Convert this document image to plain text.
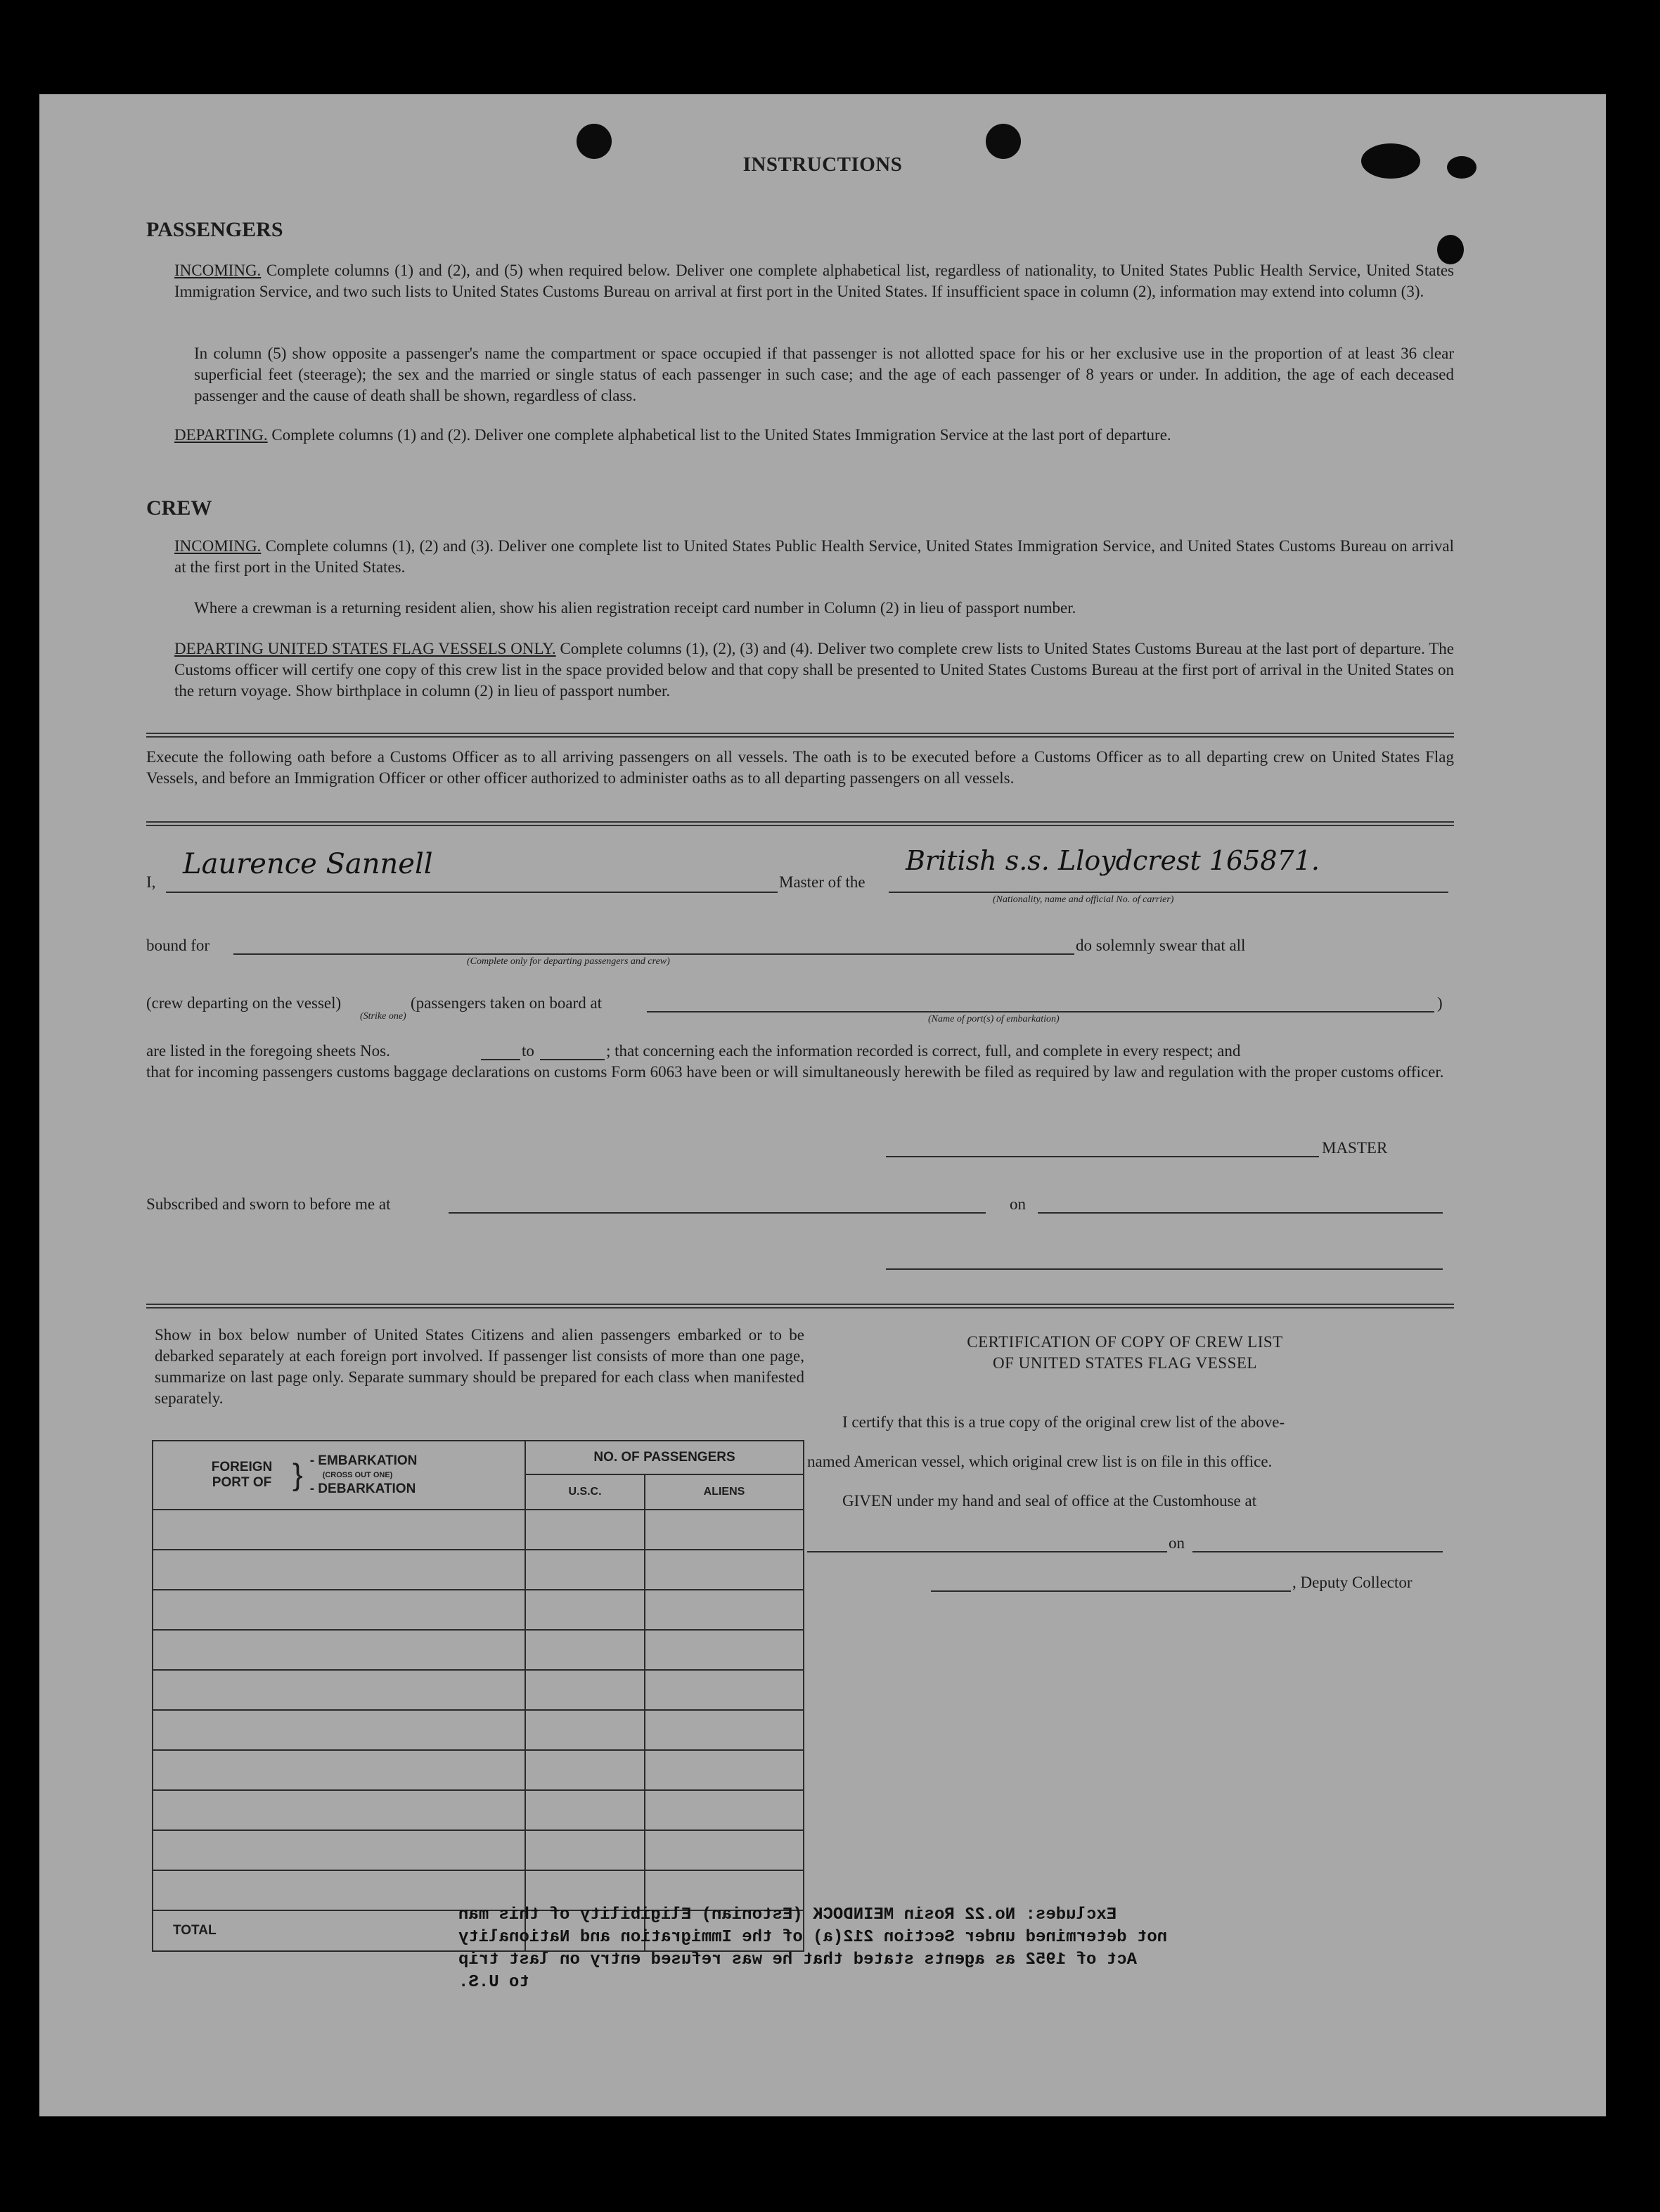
INSTRUCTIONS
PASSENGERS
INCOMING. Complete columns (1) and (2), and (5) when required below. Deliver one complete alphabetical list, regardless of nationality, to United States Public Health Service, United States Immigration Service, and two such lists to United States Customs Bureau on arrival at first port in the United States. If insufficient space in column (2), information may extend into column (3).
In column (5) show opposite a passenger's name the compartment or space occupied if that passenger is not allotted space for his or her exclusive use in the proportion of at least 36 clear superficial feet (steerage); the sex and the married or single status of each passenger in such case; and the age of each passenger of 8 years or under. In addition, the age of each deceased passenger and the cause of death shall be shown, regardless of class.
DEPARTING. Complete columns (1) and (2). Deliver one complete alphabetical list to the United States Immigration Service at the last port of departure.
CREW
INCOMING. Complete columns (1), (2) and (3). Deliver one complete list to United States Public Health Service, United States Immigration Service, and United States Customs Bureau on arrival at the first port in the United States.
Where a crewman is a returning resident alien, show his alien registration receipt card number in Column (2) in lieu of passport number.
DEPARTING UNITED STATES FLAG VESSELS ONLY. Complete columns (1), (2), (3) and (4). Deliver two complete crew lists to United States Customs Bureau at the last port of departure. The Customs officer will certify one copy of this crew list in the space provided below and that copy shall be presented to United States Customs Bureau at the first port of arrival in the United States on the return voyage. Show birthplace in column (2) in lieu of passport number.
Execute the following oath before a Customs Officer as to all arriving passengers on all vessels. The oath is to be executed before a Customs Officer as to all departing crew on United States Flag Vessels, and before an Immigration Officer or other officer authorized to administer oaths as to all departing passengers on all vessels.
I,
Laurence Sannell
Master of the
British s.s. Lloydcrest 165871.
(Nationality, name and official No. of carrier)
bound for
(Complete only for departing passengers and crew)
do solemnly swear that all
(crew departing on the vessel)
(Strike one)
(passengers taken on board at
(Name of port(s) of embarkation)
)
are listed in the foregoing sheets Nos.	to	; that concerning each the information recorded is correct, full, and complete in every respect; and
that for incoming passengers customs baggage declarations on customs Form 6063 have been or will simultaneously herewith be filed as required by law and regulation with the proper customs officer.
MASTER
Subscribed and sworn to before me at	on
Show in box below number of United States Citizens and alien passengers embarked or to be debarked separately at each foreign port involved. If passenger list consists of more than one page, summarize on last page only. Separate summary should be prepared for each class when manifested separately.
FOREIGN PORT OF } - EMBARKATION
(CROSS OUT ONE)
- DEBARKATION	NO. OF PASSENGERS	
	U.S.C.	ALIENS

TOTAL		
CERTIFICATION OF COPY OF CREW LIST
OF UNITED STATES FLAG VESSEL
I certify that this is a true copy of the original crew list of the above-
named American vessel, which original crew list is on file in this office.
GIVEN under my hand and seal of office at the Customhouse at
on
, Deputy Collector
Excludes: No.22 Rosin MEINDOCK (Estonian) Eligibility of this man
not determined under Section 212(a) of the Immigration and Nationality
Act of 1952 as agents stated that he was refused entry on last trip
to U.S.
